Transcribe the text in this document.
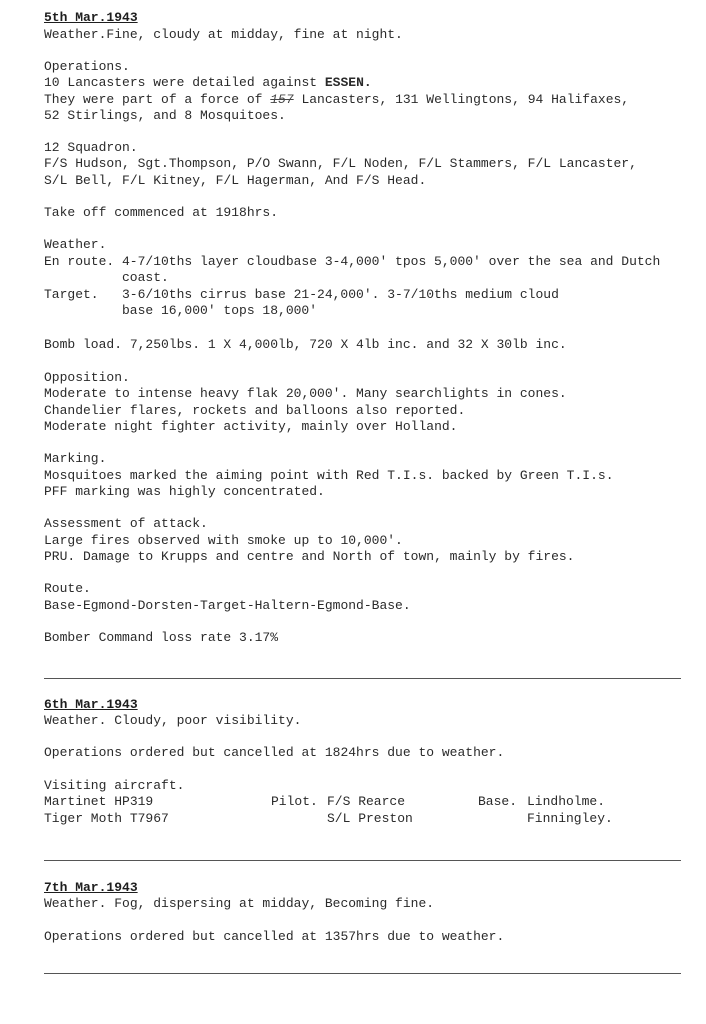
5th Mar.1943
Weather.Fine, cloudy at midday, fine at night.
Operations.
10 Lancasters were detailed against ESSEN.
They were part of a force of 157 Lancasters, 131 Wellingtons, 94 Halifaxes,
52 Stirlings, and 8 Mosquitoes.
12 Squadron.
F/S Hudson, Sgt.Thompson, P/O Swann, F/L Noden, F/L Stammers, F/L Lancaster,
S/L Bell, F/L Kitney, F/L Hagerman, And F/S Head.
Take off commenced at 1918hrs.
Weather.
En route. 4-7/10ths layer cloudbase 3-4,000' tpos 5,000' over the sea and Dutch
coast.
Target. 3-6/10ths cirrus base 21-24,000'. 3-7/10ths medium cloud
base 16,000' tops 18,000'
Bomb load. 7,250lbs. 1 X 4,000lb, 720 X 4lb inc. and 32 X 30lb inc.
Opposition.
Moderate to intense heavy flak 20,000'. Many searchlights in cones.
Chandelier flares, rockets and balloons also reported.
Moderate night fighter activity, mainly over Holland.
Marking.
Mosquitoes marked the aiming point with Red T.I.s. backed by Green T.I.s.
PFF marking was highly concentrated.
Assessment of attack.
Large fires observed with smoke up to 10,000'.
PRU. Damage to Krupps and centre and North of town, mainly by fires.
Route.
Base-Egmond-Dorsten-Target-Haltern-Egmond-Base.
Bomber Command loss rate 3.17%
6th Mar.1943
Weather. Cloudy, poor visibility.
Operations ordered but cancelled at 1824hrs due to weather.
Visiting aircraft.
Martinet HP319	Pilot. F/S Rearce	Base. Lindholme.
Tiger Moth T7967	S/L Preston	Finningley.
7th Mar.1943
Weather. Fog, dispersing at midday, Becoming fine.
Operations ordered but cancelled at 1357hrs due to weather.
